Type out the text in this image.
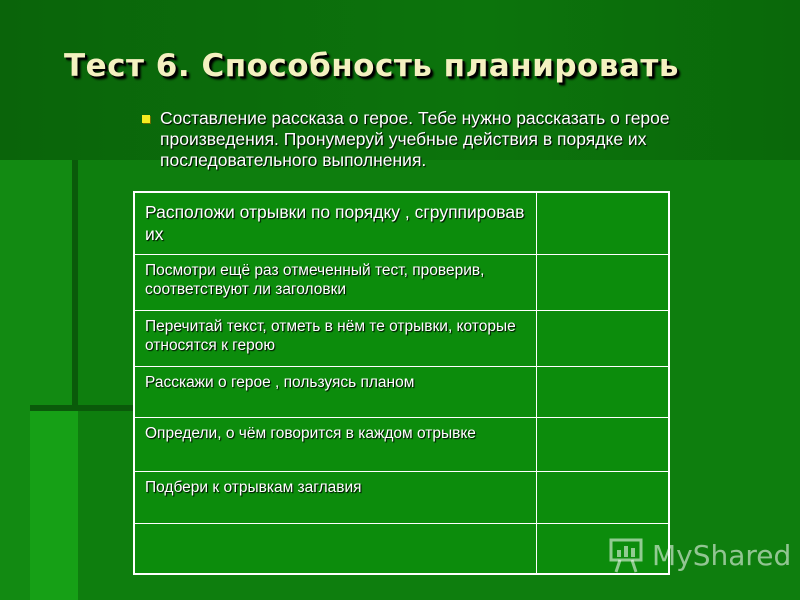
Тест 6. Способность планировать

Составление рассказа о герое. Тебе нужно рассказать о герое произведения. Пронумеруй учебные действия в порядке их последовательного выполнения.

Расположи отрывки по порядку , сгруппировав их	
Посмотри ещё раз отмеченный тест, проверив, соответствуют ли заголовки	
Перечитай текст, отметь в нём те отрывки, которые относятся к герою	
Расскажи о герое , пользуясь планом	
Определи, о чём говорится в каждом отрывке	
Подбери к отрывкам заглавия	

MyShared
